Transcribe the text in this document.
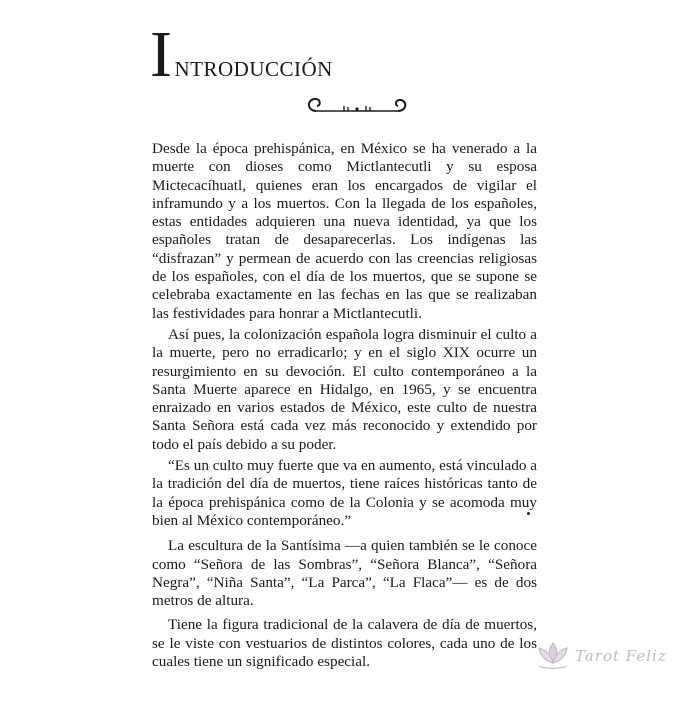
INTRODUCCIÓN

Desde la época prehispánica, en México se ha venerado a la muerte con dioses como Mictlantecutli y su esposa Mictecacíhuatl, quienes eran los encargados de vigilar el inframundo y a los muertos. Con la llegada de los españoles, estas entidades adquieren una nueva identidad, ya que los españoles tratan de desaparecerlas. Los indígenas las “disfrazan” y permean de acuerdo con las creencias religiosas de los españoles, con el día de los muertos, que se supone se celebraba exactamente en las fechas en las que se realizaban las festividades para honrar a Mictlantecutli.

Así pues, la colonización española logra disminuir el culto a la muerte, pero no erradicarlo; y en el siglo XIX ocurre un resurgimiento en su devoción. El culto contemporáneo a la Santa Muerte aparece en Hidalgo, en 1965, y se encuentra enraizado en varios estados de México, este culto de nuestra Santa Señora está cada vez más reconocido y extendido por todo el país debido a su poder.

“Es un culto muy fuerte que va en aumento, está vinculado a la tradición del día de muertos, tiene raíces históricas tanto de la época prehispánica como de la Colonia y se acomoda muy bien al México contemporáneo.”

La escultura de la Santísima —a quien también se le conoce como “Señora de las Sombras”, “Señora Blanca”, “Señora Negra”, “Niña Santa”, “La Parca”, “La Flaca”— es de dos metros de altura.

Tiene la figura tradicional de la calavera de día de muertos, se le viste con vestuarios de distintos colores, cada uno de los cuales tiene un significado especial.	Tarot Feliz
